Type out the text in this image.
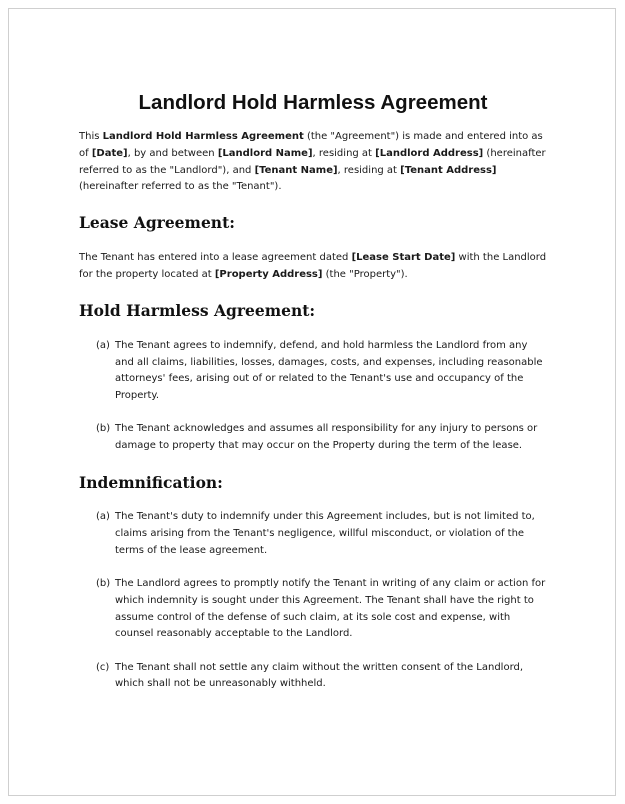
Landlord Hold Harmless Agreement

This Landlord Hold Harmless Agreement (the "Agreement") is made and entered into as of [Date], by and between [Landlord Name], residing at [Landlord Address] (hereinafter referred to as the "Landlord"), and [Tenant Name], residing at [Tenant Address] (hereinafter referred to as the "Tenant").

Lease Agreement:

The Tenant has entered into a lease agreement dated [Lease Start Date] with the Landlord for the property located at [Property Address] (the "Property").

Hold Harmless Agreement:
(a) The Tenant agrees to indemnify, defend, and hold harmless the Landlord from any and all claims, liabilities, losses, damages, costs, and expenses, including reasonable attorneys' fees, arising out of or related to the Tenant's use and occupancy of the Property.
(b) The Tenant acknowledges and assumes all responsibility for any injury to persons or damage to property that may occur on the Property during the term of the lease.
Indemnification:
(a) The Tenant's duty to indemnify under this Agreement includes, but is not limited to, claims arising from the Tenant's negligence, willful misconduct, or violation of the terms of the lease agreement.
(b) The Landlord agrees to promptly notify the Tenant in writing of any claim or action for which indemnity is sought under this Agreement. The Tenant shall have the right to assume control of the defense of such claim, at its sole cost and expense, with counsel reasonably acceptable to the Landlord.
(c) The Tenant shall not settle any claim without the written consent of the Landlord, which shall not be unreasonably withheld.
